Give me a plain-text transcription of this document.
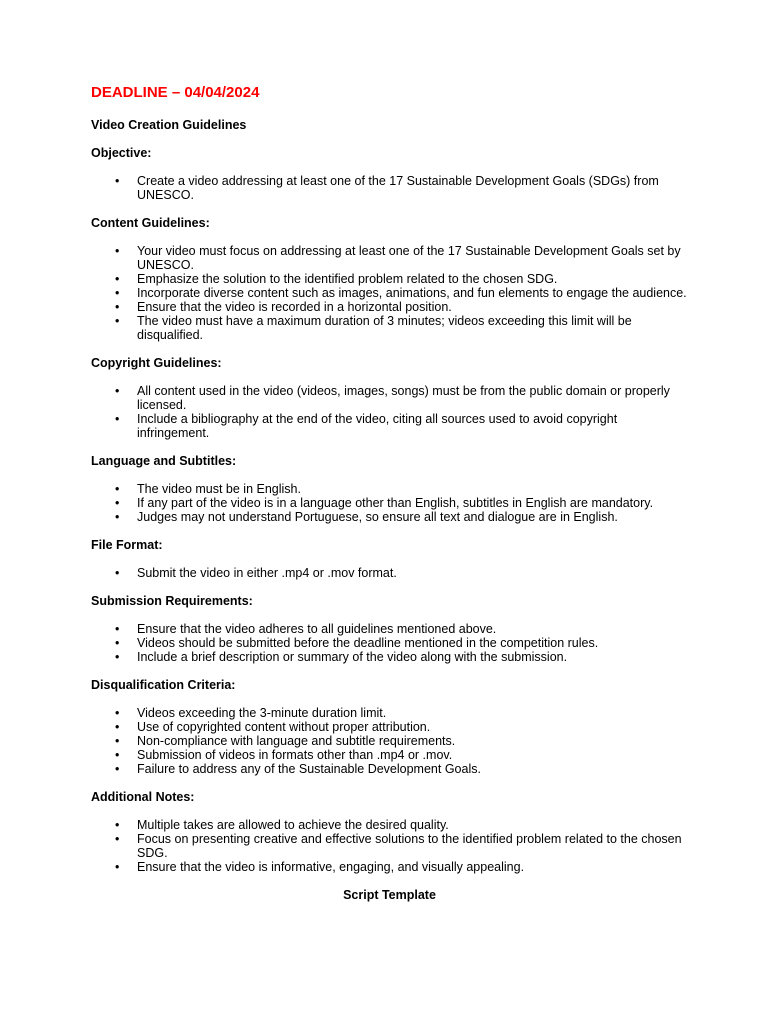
DEADLINE – 04/04/2024
Video Creation Guidelines
Objective:
• Create a video addressing at least one of the 17 Sustainable Development Goals (SDGs) from UNESCO.
Content Guidelines:
• Your video must focus on addressing at least one of the 17 Sustainable Development Goals set by UNESCO.
• Emphasize the solution to the identified problem related to the chosen SDG.
• Incorporate diverse content such as images, animations, and fun elements to engage the audience.
• Ensure that the video is recorded in a horizontal position.
• The video must have a maximum duration of 3 minutes; videos exceeding this limit will be disqualified.
Copyright Guidelines:
• All content used in the video (videos, images, songs) must be from the public domain or properly licensed.
• Include a bibliography at the end of the video, citing all sources used to avoid copyright infringement.
Language and Subtitles:
• The video must be in English.
• If any part of the video is in a language other than English, subtitles in English are mandatory.
• Judges may not understand Portuguese, so ensure all text and dialogue are in English.
File Format:
• Submit the video in either .mp4 or .mov format.
Submission Requirements:
• Ensure that the video adheres to all guidelines mentioned above.
• Videos should be submitted before the deadline mentioned in the competition rules.
• Include a brief description or summary of the video along with the submission.
Disqualification Criteria:
• Videos exceeding the 3-minute duration limit.
• Use of copyrighted content without proper attribution.
• Non-compliance with language and subtitle requirements.
• Submission of videos in formats other than .mp4 or .mov.
• Failure to address any of the Sustainable Development Goals.
Additional Notes:
• Multiple takes are allowed to achieve the desired quality.
• Focus on presenting creative and effective solutions to the identified problem related to the chosen SDG.
• Ensure that the video is informative, engaging, and visually appealing.
Script Template
